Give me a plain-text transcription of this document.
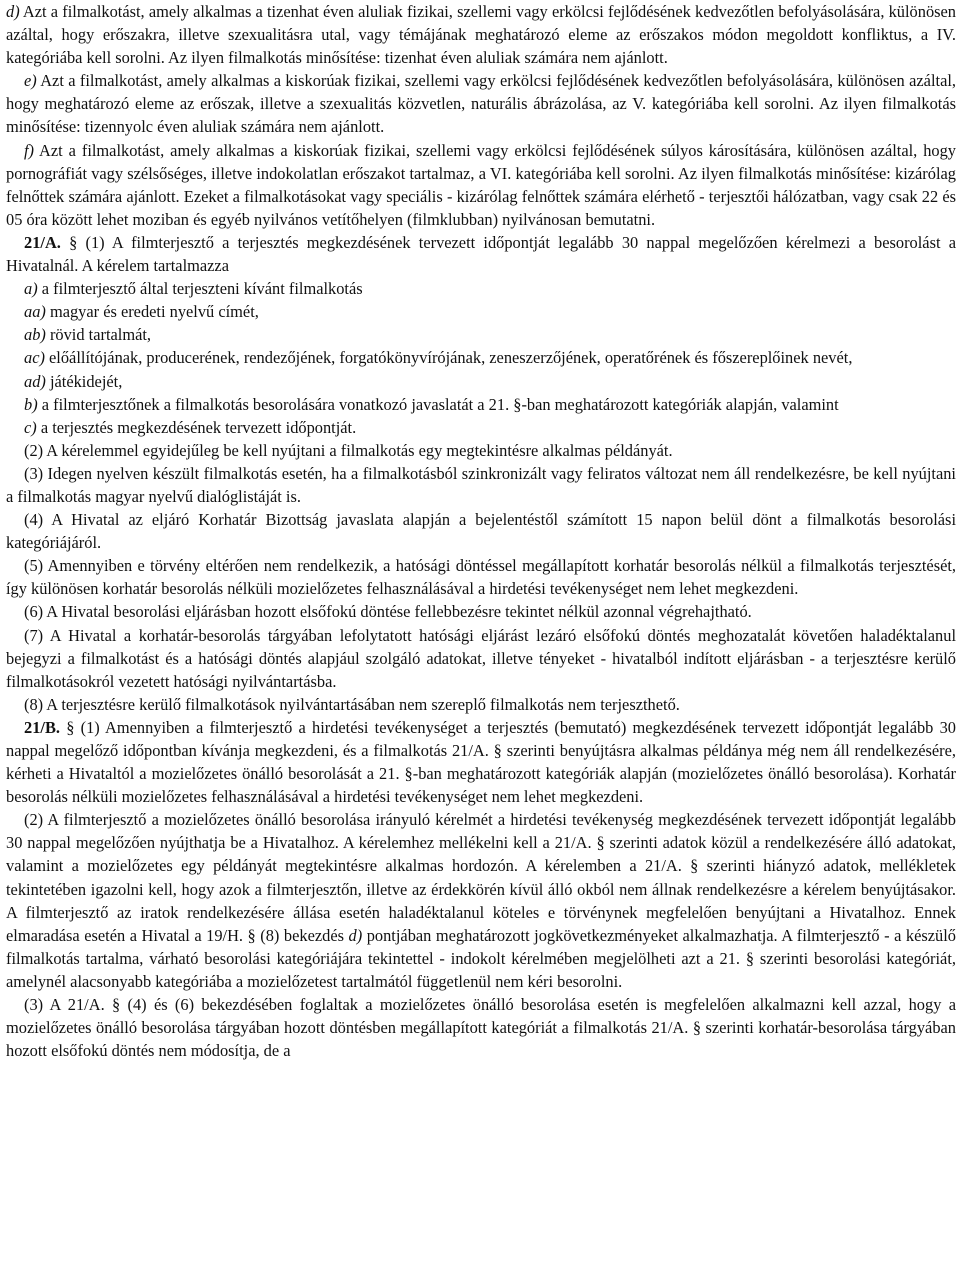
d) Azt a filmalkotást, amely alkalmas a tizenhat éven aluliak fizikai, szellemi vagy erkölcsi fejlődésének kedvezőtlen befolyásolására, különösen azáltal, hogy erőszakra, illetve szexualitásra utal, vagy témájának meghatározó eleme az erőszakos módon megoldott konfliktus, a IV. kategóriába kell sorolni. Az ilyen filmalkotás minősítése: tizenhat éven aluliak számára nem ajánlott.

e) Azt a filmalkotást, amely alkalmas a kiskorúak fizikai, szellemi vagy erkölcsi fejlődésének kedvezőtlen befolyásolására, különösen azáltal, hogy meghatározó eleme az erőszak, illetve a szexualitás közvetlen, naturális ábrázolása, az V. kategóriába kell sorolni. Az ilyen filmalkotás minősítése: tizennyolc éven aluliak számára nem ajánlott.

f) Azt a filmalkotást, amely alkalmas a kiskorúak fizikai, szellemi vagy erkölcsi fejlődésének súlyos károsítására, különösen azáltal, hogy pornográfiát vagy szélsőséges, illetve indokolatlan erőszakot tartalmaz, a VI. kategóriába kell sorolni. Az ilyen filmalkotás minősítése: kizárólag felnőttek számára ajánlott. Ezeket a filmalkotásokat vagy speciális - kizárólag felnőttek számára elérhető - terjesztői hálózatban, vagy csak 22 és 05 óra között lehet moziban és egyéb nyilvános vetítőhelyen (filmklubban) nyilvánosan bemutatni.

21/A. § (1) A filmterjesztő a terjesztés megkezdésének tervezett időpontját legalább 30 nappal megelőzően kérelmezi a besorolást a Hivatalnál. A kérelem tartalmazza

a) a filmterjesztő által terjeszteni kívánt filmalkotás

aa) magyar és eredeti nyelvű címét,

ab) rövid tartalmát,

ac) előállítójának, producerének, rendezőjének, forgatókönyvírójának, zeneszerzőjének, operatőrének és főszereplőinek nevét,

ad) játékidejét,

b) a filmterjesztőnek a filmalkotás besorolására vonatkozó javaslatát a 21. §-ban meghatározott kategóriák alapján, valamint

c) a terjesztés megkezdésének tervezett időpontját.

(2) A kérelemmel egyidejűleg be kell nyújtani a filmalkotás egy megtekintésre alkalmas példányát.

(3) Idegen nyelven készült filmalkotás esetén, ha a filmalkotásból szinkronizált vagy feliratos változat nem áll rendelkezésre, be kell nyújtani a filmalkotás magyar nyelvű dialóglistáját is.

(4) A Hivatal az eljáró Korhatár Bizottság javaslata alapján a bejelentéstől számított 15 napon belül dönt a filmalkotás besorolási kategóriájáról.

(5) Amennyiben e törvény eltérően nem rendelkezik, a hatósági döntéssel megállapított korhatár besorolás nélkül a filmalkotás terjesztését, így különösen korhatár besorolás nélküli mozielőzetes felhasználásával a hirdetési tevékenységet nem lehet megkezdeni.

(6) A Hivatal besorolási eljárásban hozott elsőfokú döntése fellebbezésre tekintet nélkül azonnal végrehajtható.

(7) A Hivatal a korhatár-besorolás tárgyában lefolytatott hatósági eljárást lezáró elsőfokú döntés meghozatalát követően haladéktalanul bejegyzi a filmalkotást és a hatósági döntés alapjául szolgáló adatokat, illetve tényeket - hivatalból indított eljárásban - a terjesztésre kerülő filmalkotásokról vezetett hatósági nyilvántartásba.

(8) A terjesztésre kerülő filmalkotások nyilvántartásában nem szereplő filmalkotás nem terjeszthető.

21/B. § (1) Amennyiben a filmterjesztő a hirdetési tevékenységet a terjesztés (bemutató) megkezdésének tervezett időpontját legalább 30 nappal megelőző időpontban kívánja megkezdeni, és a filmalkotás 21/A. § szerinti benyújtásra alkalmas példánya még nem áll rendelkezésére, kérheti a Hivataltól a mozielőzetes önálló besorolását a 21. §-ban meghatározott kategóriák alapján (mozielőzetes önálló besorolása). Korhatár besorolás nélküli mozielőzetes felhasználásával a hirdetési tevékenységet nem lehet megkezdeni.

(2) A filmterjesztő a mozielőzetes önálló besorolása irányuló kérelmét a hirdetési tevékenység megkezdésének tervezett időpontját legalább 30 nappal megelőzően nyújthatja be a Hivatalhoz. A kérelemhez mellékelni kell a 21/A. § szerinti adatok közül a rendelkezésére álló adatokat, valamint a mozielőzetes egy példányát megtekintésre alkalmas hordozón. A kérelemben a 21/A. § szerinti hiányzó adatok, mellékletek tekintetében igazolni kell, hogy azok a filmterjesztőn, illetve az érdekkörén kívül álló okból nem állnak rendelkezésre a kérelem benyújtásakor. A filmterjesztő az iratok rendelkezésére állása esetén haladéktalanul köteles e törvénynek megfelelően benyújtani a Hivatalhoz. Ennek elmaradása esetén a Hivatal a 19/H. § (8) bekezdés d) pontjában meghatározott jogkövetkezményeket alkalmazhatja. A filmterjesztő - a készülő filmalkotás tartalma, várható besorolási kategóriájára tekintettel - indokolt kérelmében megjelölheti azt a 21. § szerinti besorolási kategóriát, amelynél alacsonyabb kategóriába a mozielőzetest tartalmától függetlenül nem kéri besorolni.

(3) A 21/A. § (4) és (6) bekezdésében foglaltak a mozielőzetes önálló besorolása esetén is megfelelően alkalmazni kell azzal, hogy a mozielőzetes önálló besorolása tárgyában hozott döntésben megállapított kategóriát a filmalkotás 21/A. § szerinti korhatár-besorolása tárgyában hozott elsőfokú döntés nem módosítja, de a
